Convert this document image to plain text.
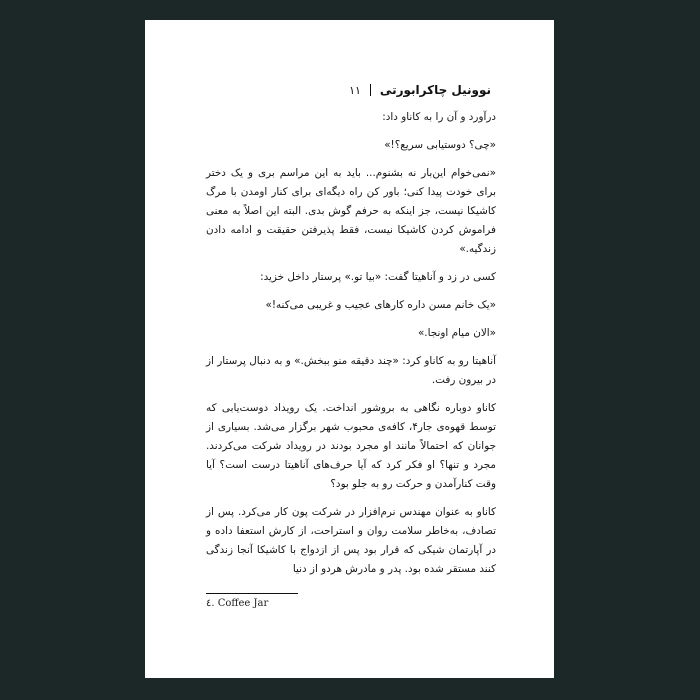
نوونیل چاکرابورتی
۱۱

درآورد و آن را به کاناو داد:

«چی؟ دوستیابی سریع؟!»

«نمی‌خوام این‌بار نه بشنوم... باید به این مراسم بری و یک دختر برای خودت پیدا کنی؛ باور کن راه دیگه‌ای برای کنار اومدن با مرگ کاشیکا نیست، جز اینکه به حرفم گوش بدی. البته این اصلاً به معنی فراموش کردن کاشیکا نیست، فقط پذیرفتن حقیقت و ادامه دادن زندگیه.»

کسی در زد و آناهیتا گفت: «بیا تو.» پرستار داخل خزید:

«یک خانم مسن داره کارهای عجیب و غریبی می‌کنه!»

«الان میام اونجا.»

آناهیتا رو به کاناو کرد: «چند دقیقه منو ببخش.» و به دنبال پرستار از در بیرون رفت.

کاناو دوباره نگاهی به بروشور انداخت. یک رویداد دوست‌یابی که توسط قهوه‌ی جار۴، کافه‌ی محبوب شهر برگزار می‌شد. بسیاری از جوانان که احتمالاً مانند او مجرد بودند در رویداد شرکت می‌کردند. مجرد و تنها؟ او فکر کرد که آیا حرف‌های آناهیتا درست است؟ آیا وقت کنارآمدن و حرکت رو به جلو بود؟

کاناو به عنوان مهندس نرم‌افزار در شرکت پون کار می‌کرد. پس از تصادف، به‌خاطر سلامت روان و استراحت، از کارش استعفا داده و در آپارتمان شیکی که قرار بود پس از ازدواج با کاشیکا آنجا زندگی کنند مستقر شده بود. پدر و مادرش هردو از دنیا

٤. Coffee Jar
